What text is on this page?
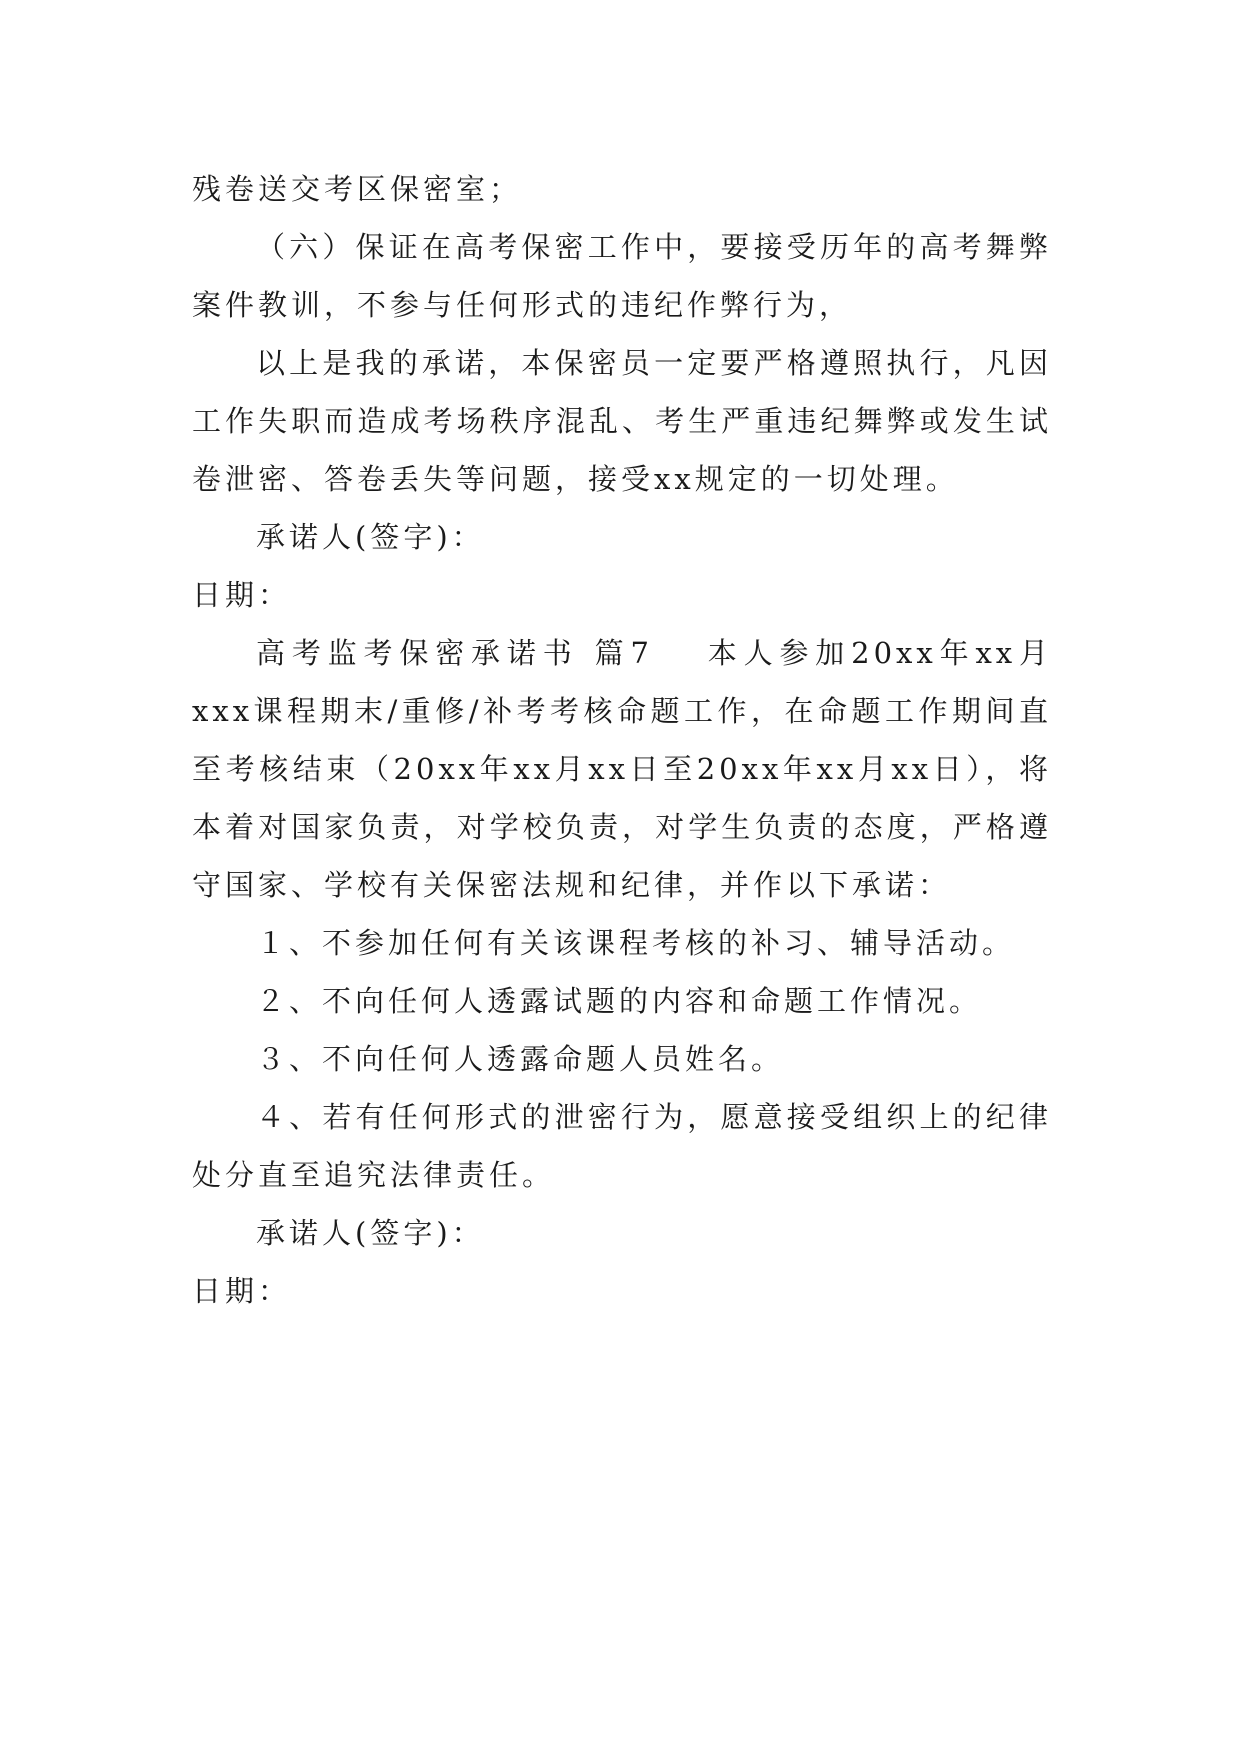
残卷送交考区保密室；

（六）保证在高考保密工作中，要接受历年的高考舞弊案件教训，不参与任何形式的违纪作弊行为，

以上是我的承诺，本保密员一定要严格遵照执行，凡因工作失职而造成考场秩序混乱、考生严重违纪舞弊或发生试卷泄密、答卷丢失等问题，接受xx规定的一切处理。

承诺人(签字)：

日期：

高考监考保密承诺书 篇7 本人参加20xx年xx月xxx课程期末/重修/补考考核命题工作，在命题工作期间直至考核结束（20xx年xx月xx日至20xx年xx月xx日），将本着对国家负责，对学校负责，对学生负责的态度，严格遵守国家、学校有关保密法规和纪律，并作以下承诺：

１、不参加任何有关该课程考核的补习、辅导活动。

２、不向任何人透露试题的内容和命题工作情况。

３、不向任何人透露命题人员姓名。

４、若有任何形式的泄密行为，愿意接受组织上的纪律处分直至追究法律责任。

承诺人(签字)：

日期：
